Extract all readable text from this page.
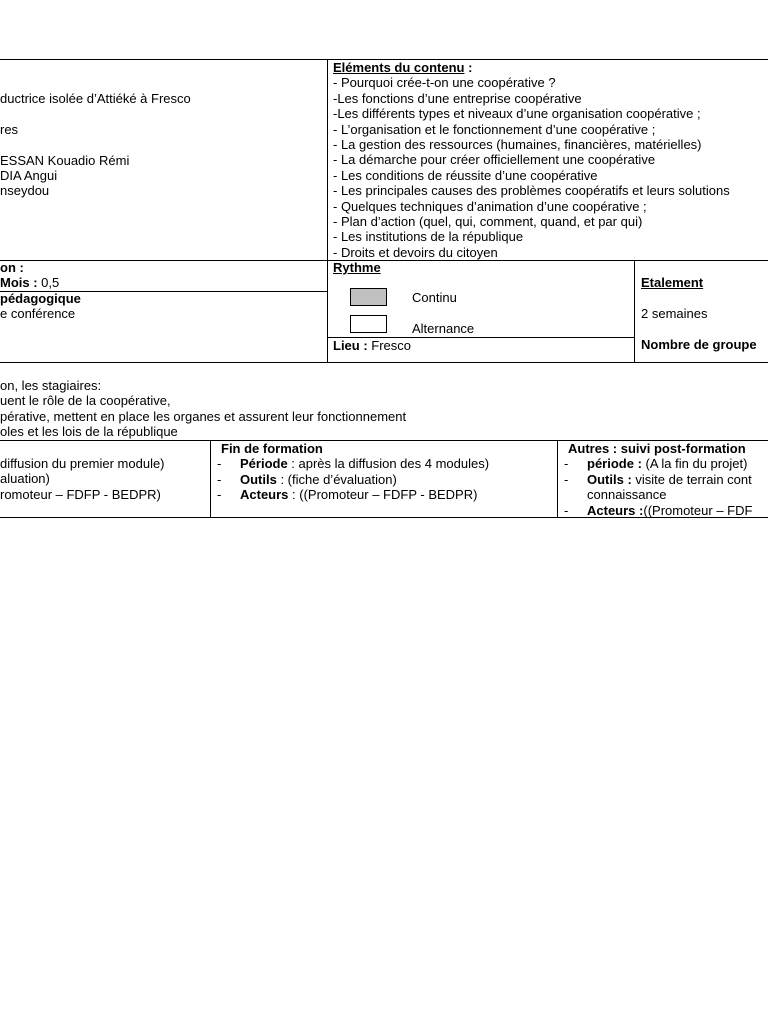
ductrice isolée d’Attiéké à Fresco
res
ESSAN Kouadio Rémi
DIA Angui
nseydou
Eléments du contenu :
- Pourquoi crée-t-on une coopérative ?
-Les fonctions d’une entreprise coopérative
-Les différents types et niveaux d’une organisation coopérative ;
- L’organisation et le fonctionnement d’une coopérative ;
- La gestion des ressources (humaines, financières, matérielles)
- La démarche pour créer officiellement une coopérative
- Les conditions de réussite d’une coopérative
- Les principales causes des problèmes coopératifs et leurs solutions
- Quelques techniques d’animation d’une coopérative ;
- Plan d’action (quel, qui, comment, quand, et par qui)
- Les institutions de la république
- Droits et devoirs du citoyen
on :
Mois : 0,5
pédagogique
e conférence
Rythme
Continu
Alternance
Lieu : Fresco
Etalement
2 semaines
Nombre de groupe
on, les stagiaires:
uent le rôle de la coopérative,
pérative, mettent en place les organes et assurent leur fonctionnement
oles et les lois de la république
diffusion du premier module)
aluation)
romoteur – FDFP - BEDPR)
Fin de formation
- Période : après la diffusion des 4 modules)
- Outils : (fiche d’évaluation)
- Acteurs : ((Promoteur – FDFP - BEDPR)
Autres : suivi post-formation
- période : (A la fin du projet)
- Outils : visite de terrain cont
connaissance
- Acteurs :((Promoteur – FDF
